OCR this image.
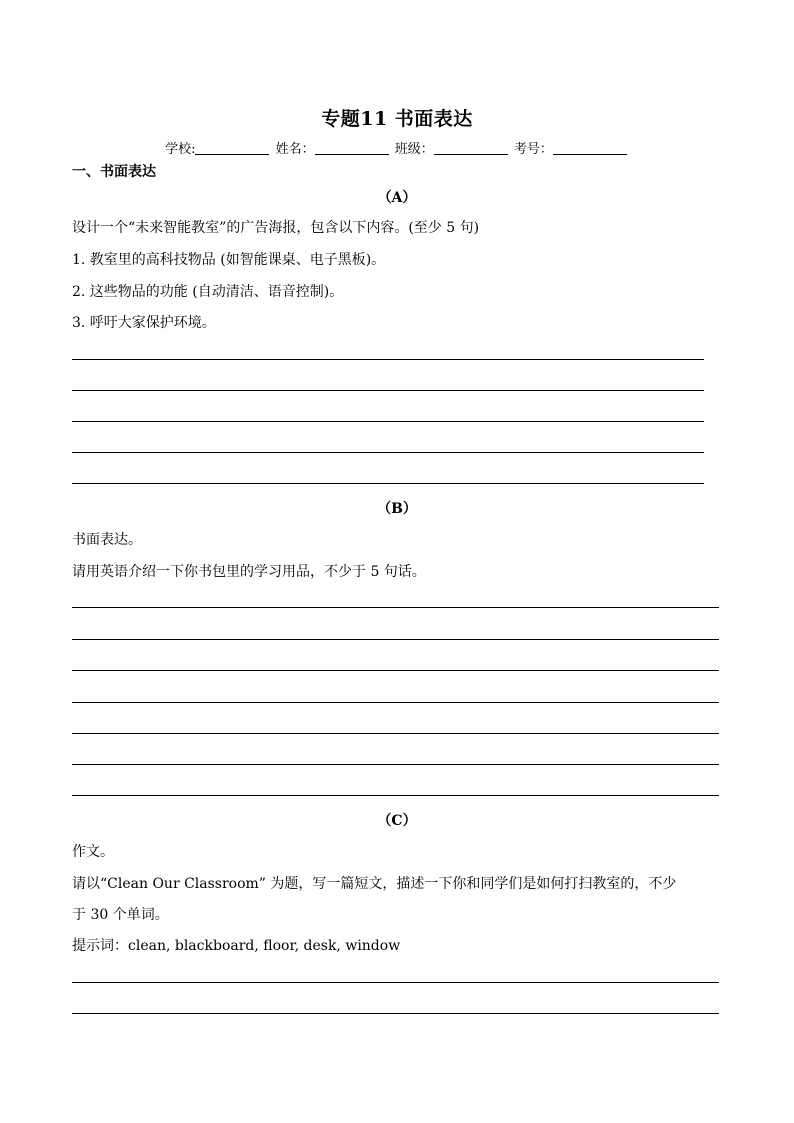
专题11 书面表达
学校:	姓名：	班级：	考号：
一、书面表达
（A）
设计一个“未来智能教室”的广告海报，包含以下内容。(至少 5 句)
1. 教室里的高科技物品 (如智能课桌、电子黑板)。
2. 这些物品的功能 (自动清洁、语音控制)。
3. 呼吁大家保护环境。
（B）
书面表达。
请用英语介绍一下你书包里的学习用品，不少于 5 句话。
（C）
作文。
请以“Clean Our Classroom” 为题，写一篇短文，描述一下你和同学们是如何打扫教室的，不少
于 30 个单词。
提示词：clean, blackboard, floor, desk, window
